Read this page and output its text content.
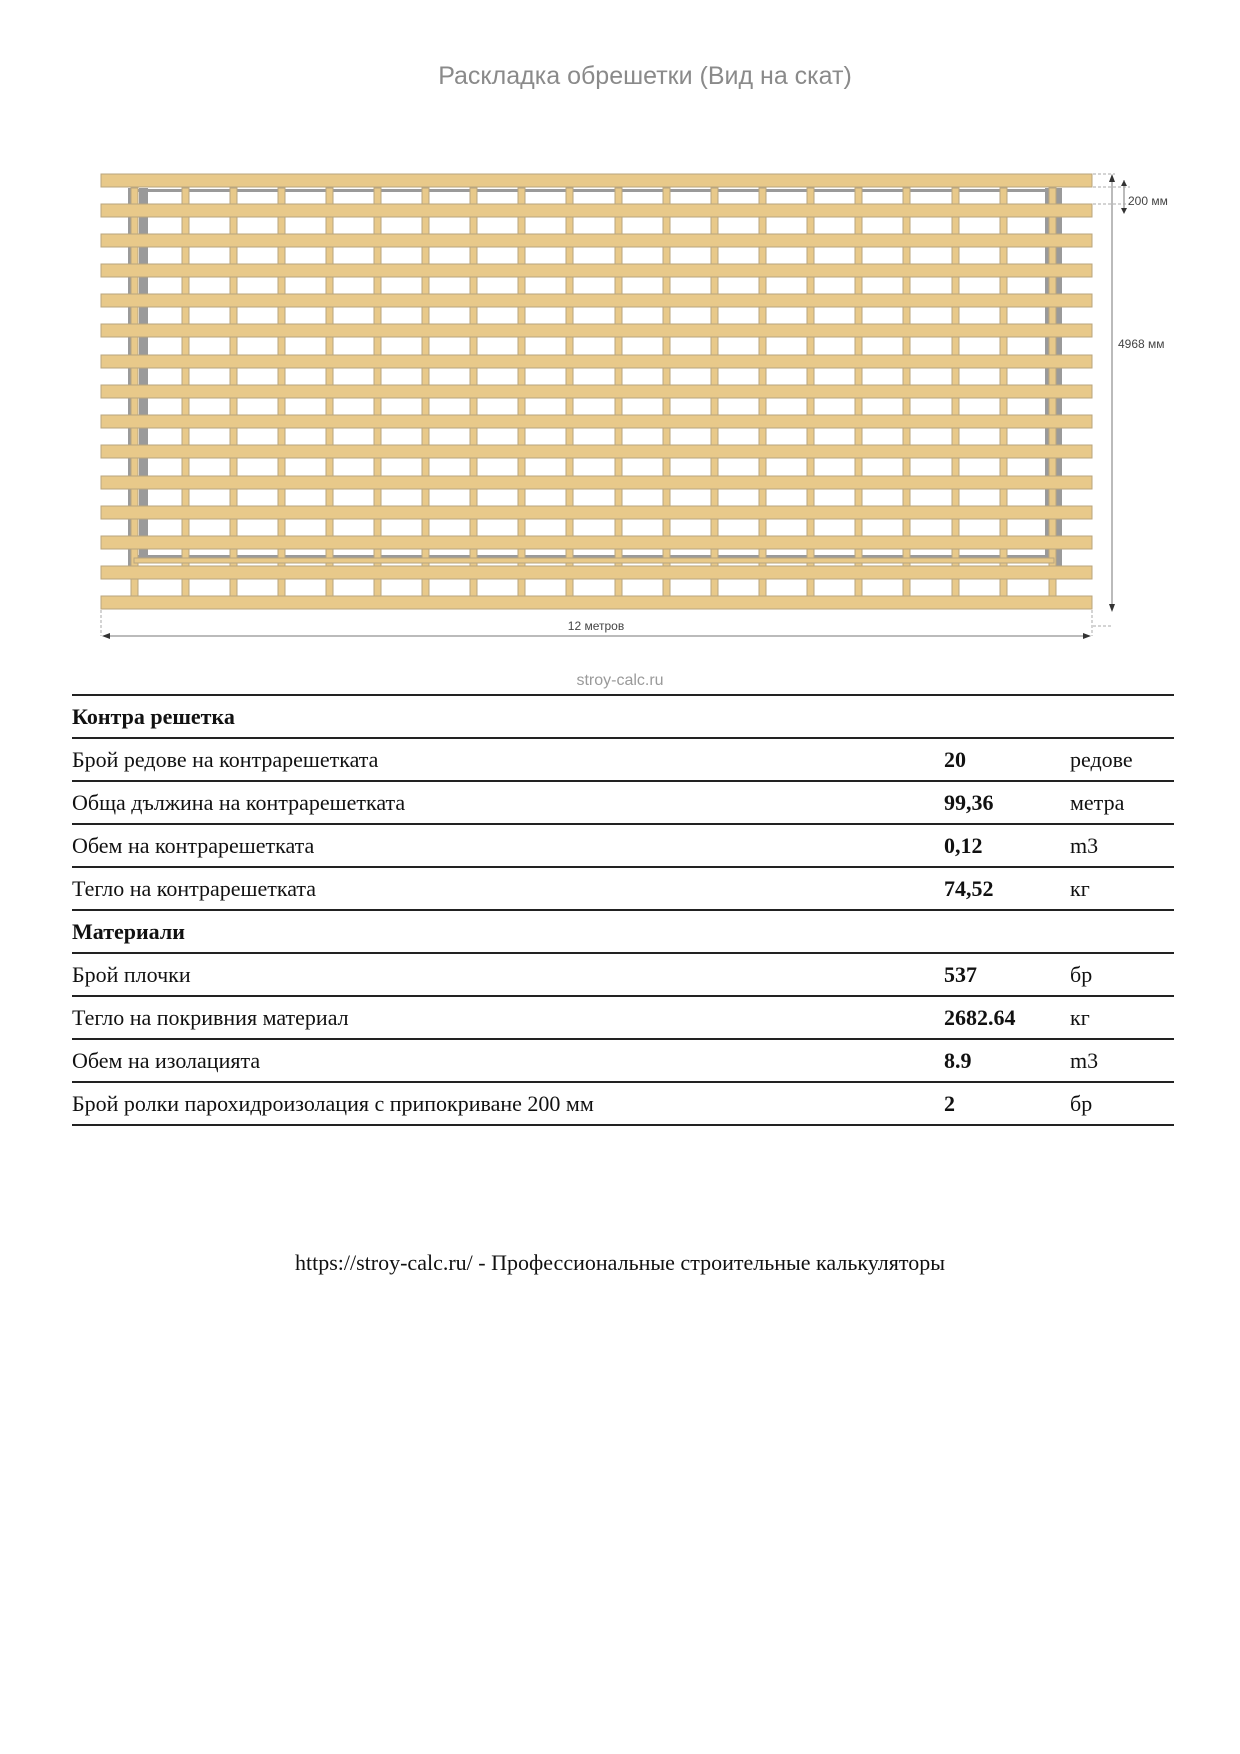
Раскладка обрешетки (Вид на скат)
200 мм
4968 мм
12 метров
stroy-calc.ru
Контра решетка		
Брой редове на контрарешетката	20	редове
Обща дължина на контрарешетката	99,36	метра
Обем на контрарешетката	0,12	m3
Тегло на контрарешетката	74,52	кг
Материали		
Брой плочки	537	бр
Тегло на покривния материал	2682.64	кг
Обем на изолацията	8.9	m3
Брой ролки парохидроизолация с припокриване 200 мм	2	бр
https://stroy-calc.ru/ - Профессиональные строительные калькуляторы
